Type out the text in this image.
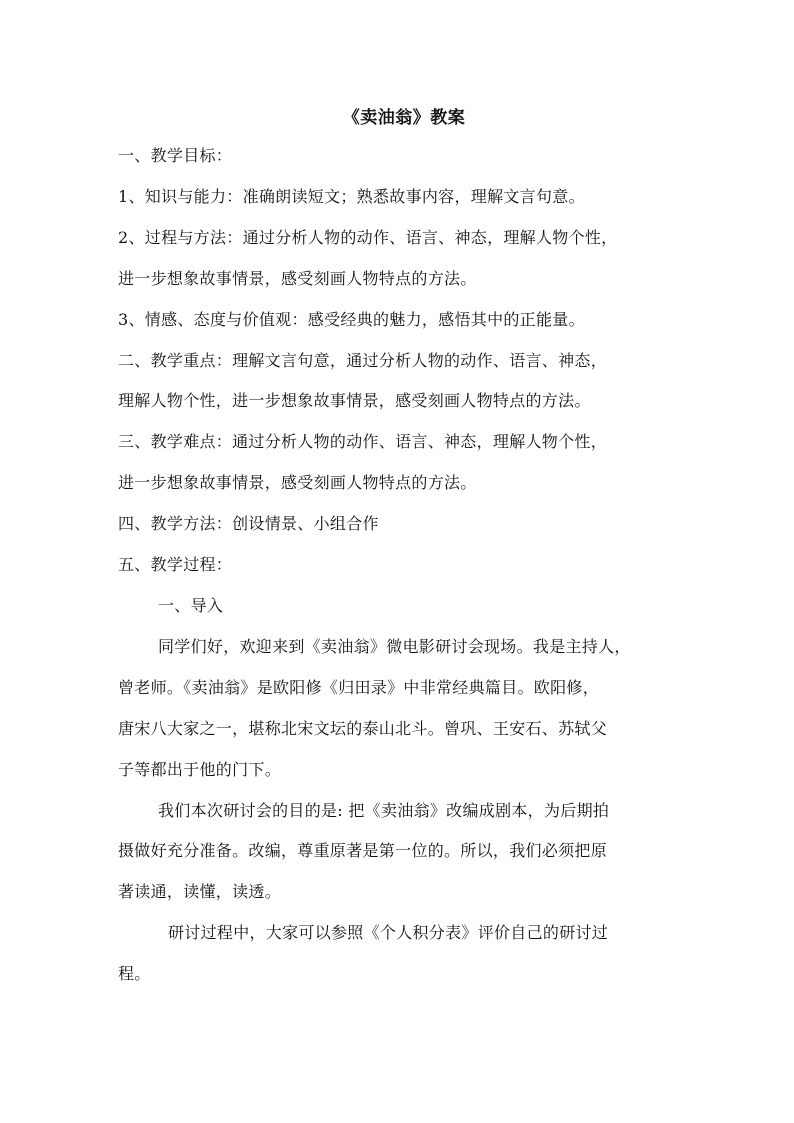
《卖油翁》教案

一、教学目标：

1、知识与能力：准确朗读短文；熟悉故事内容，理解文言句意。

2、过程与方法：通过分析人物的动作、语言、神态，理解人物个性，

进一步想象故事情景，感受刻画人物特点的方法。

3、情感、态度与价值观：感受经典的魅力，感悟其中的正能量。

二、教学重点：理解文言句意，通过分析人物的动作、语言、神态，

理解人物个性，进一步想象故事情景，感受刻画人物特点的方法。

三、教学难点：通过分析人物的动作、语言、神态，理解人物个性，

进一步想象故事情景，感受刻画人物特点的方法。

四、教学方法：创设情景、小组合作

五、教学过程：

一、导入

同学们好，欢迎来到《卖油翁》微电影研讨会现场。我是主持人，

曾老师。《卖油翁》是欧阳修《归田录》中非常经典篇目。欧阳修，

唐宋八大家之一，堪称北宋文坛的泰山北斗。曾巩、王安石、苏轼父

子等都出于他的门下。

我们本次研讨会的目的是: 把《卖油翁》改编成剧本，为后期拍

摄做好充分准备。改编，尊重原著是第一位的。所以，我们必须把原

著读通，读懂，读透。

研讨过程中，大家可以参照《个人积分表》评价自己的研讨过

程。
